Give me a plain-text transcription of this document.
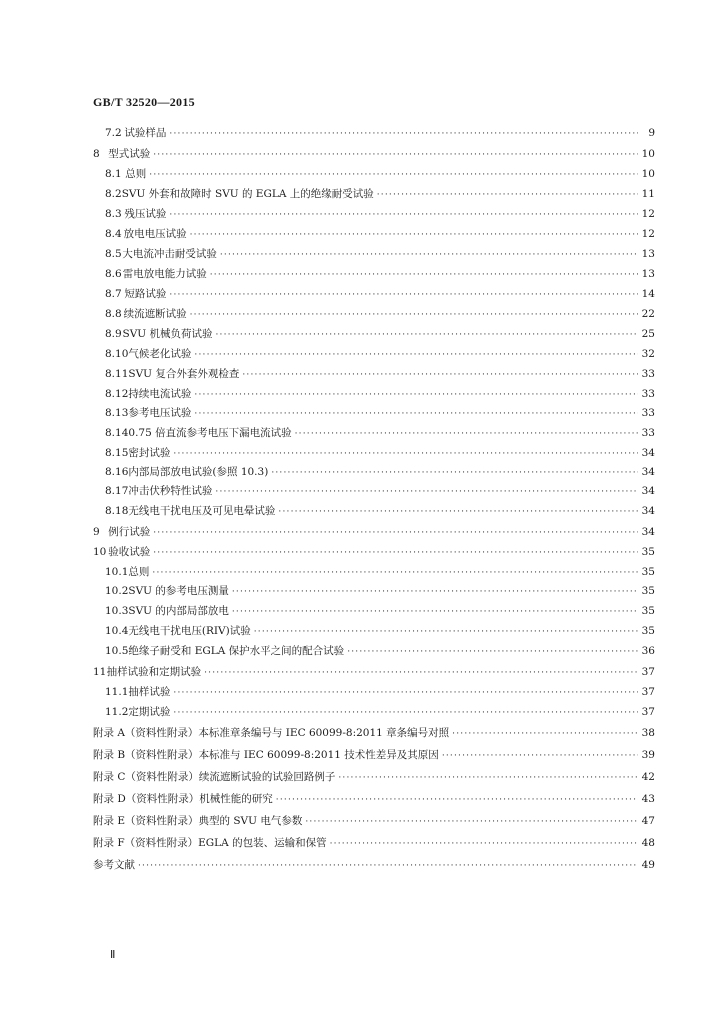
GB/T 32520—2015
7.2 试验样品 ·····	9
8 型式试验 ·····	10
8.1 总则 ·····	10
8.2 SVU 外套和故障时 SVU 的 EGLA 上的绝缘耐受试验 ·····	11
8.3 残压试验 ·····	12
8.4 放电电压试验 ·····	12
8.5 大电流冲击耐受试验 ·····	13
8.6 雷电放电能力试验 ·····	13
8.7 短路试验 ·····	14
8.8 续流遮断试验 ·····	22
8.9 SVU 机械负荷试验 ·····	25
8.10 气候老化试验 ·····	32
8.11 SVU 复合外套外观检查 ·····	33
8.12 持续电流试验 ·····	33
8.13 参考电压试验 ·····	33
8.14 0.75 倍直流参考电压下漏电流试验 ·····	33
8.15 密封试验 ·····	34
8.16 内部局部放电试验(参照 10.3) ·····	34
8.17 冲击伏秒特性试验 ·····	34
8.18 无线电干扰电压及可见电晕试验 ·····	34
9 例行试验 ·····	34
10 验收试验 ·····	35
10.1 总则 ·····	35
10.2 SVU 的参考电压测量 ·····	35
10.3 SVU 的内部局部放电 ·····	35
10.4 无线电干扰电压(RIV)试验 ·····	35
10.5 绝缘子耐受和 EGLA 保护水平之间的配合试验 ·····	36
11 抽样试验和定期试验 ·····	37
11.1 抽样试验 ·····	37
11.2 定期试验 ·····	37
附录 A（资料性附录） 本标准章条编号与 IEC 60099-8:2011 章条编号对照 ·····	38
附录 B（资料性附录） 本标准与 IEC 60099-8:2011 技术性差异及其原因 ·····	39
附录 C（资料性附录） 续流遮断试验的试验回路例子 ·····	42
附录 D（资料性附录） 机械性能的研究 ·····	43
附录 E（资料性附录） 典型的 SVU 电气参数 ·····	47
附录 F（资料性附录） EGLA 的包装、运输和保管 ·····	48
参考文献 ·····	49
Ⅱ
